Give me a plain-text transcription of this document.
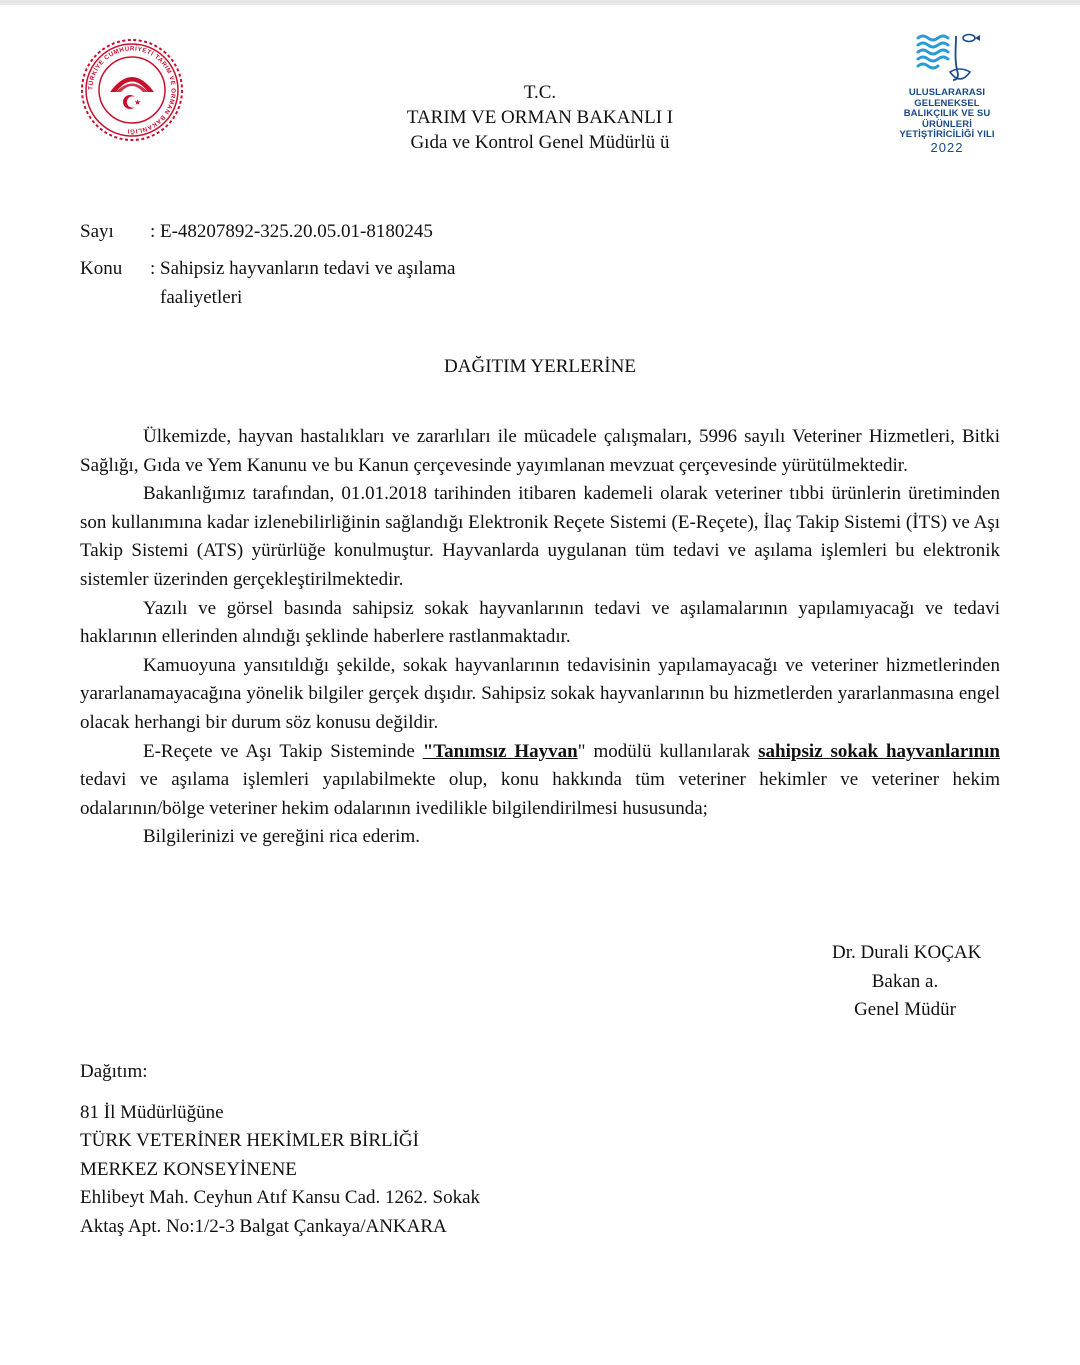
TÜRKİYE CUMHURİYETİ TARIM VE ORMAN BAKANLIĞI
ULUSLARARASI GELENEKSEL
BALIKÇILIK VE SU ÜRÜNLERİ
YETİŞTİRİCİLİĞİ YILI
2022
T.C.
TARIM VE ORMAN BAKANLI I
Gıda ve Kontrol Genel Müdürlü ü
Sayı : E-48207892-325.20.05.01-8180245
Konu : Sahipsiz hayvanların tedavi ve aşılama
faaliyetleri
DAĞITIM YERLERİNE

Ülkemizde, hayvan hastalıkları ve zararlıları ile mücadele çalışmaları, 5996 sayılı Veteriner Hizmetleri, Bitki Sağlığı, Gıda ve Yem Kanunu ve bu Kanun çerçevesinde yayımlanan mevzuat çerçevesinde yürütülmektedir.

Bakanlığımız tarafından, 01.01.2018 tarihinden itibaren kademeli olarak veteriner tıbbi ürünlerin üretiminden son kullanımına kadar izlenebilirliğinin sağlandığı Elektronik Reçete Sistemi (E-Reçete), İlaç Takip Sistemi (İTS) ve Aşı Takip Sistemi (ATS) yürürlüğe konulmuştur. Hayvanlarda uygulanan tüm tedavi ve aşılama işlemleri bu elektronik sistemler üzerinden gerçekleştirilmektedir.

Yazılı ve görsel basında sahipsiz sokak hayvanlarının tedavi ve aşılamalarının yapılamıyacağı ve tedavi haklarının ellerinden alındığı şeklinde haberlere rastlanmaktadır.

Kamuoyuna yansıtıldığı şekilde, sokak hayvanlarının tedavisinin yapılamayacağı ve veteriner hizmetlerinden yararlanamayacağına yönelik bilgiler gerçek dışıdır. Sahipsiz sokak hayvanlarının bu hizmetlerden yararlanmasına engel olacak herhangi bir durum söz konusu değildir.

E-Reçete ve Aşı Takip Sisteminde "Tanımsız Hayvan" modülü kullanılarak sahipsiz sokak hayvanlarının tedavi ve aşılama işlemleri yapılabilmekte olup, konu hakkında tüm veteriner hekimler ve veteriner hekim odalarının/bölge veteriner hekim odalarının ivedilikle bilgilendirilmesi hususunda;

Bilgilerinizi ve gereğini rica ederim.

Dr. Durali KOÇAK
Bakan a.
Genel Müdür
Dağıtım:
81 İl Müdürlüğüne
TÜRK VETERİNER HEKİMLER BİRLİĞİ
MERKEZ KONSEYİNENE
Ehlibeyt Mah. Ceyhun Atıf Kansu Cad. 1262. Sokak
Aktaş Apt. No:1/2-3 Balgat Çankaya/ANKARA
